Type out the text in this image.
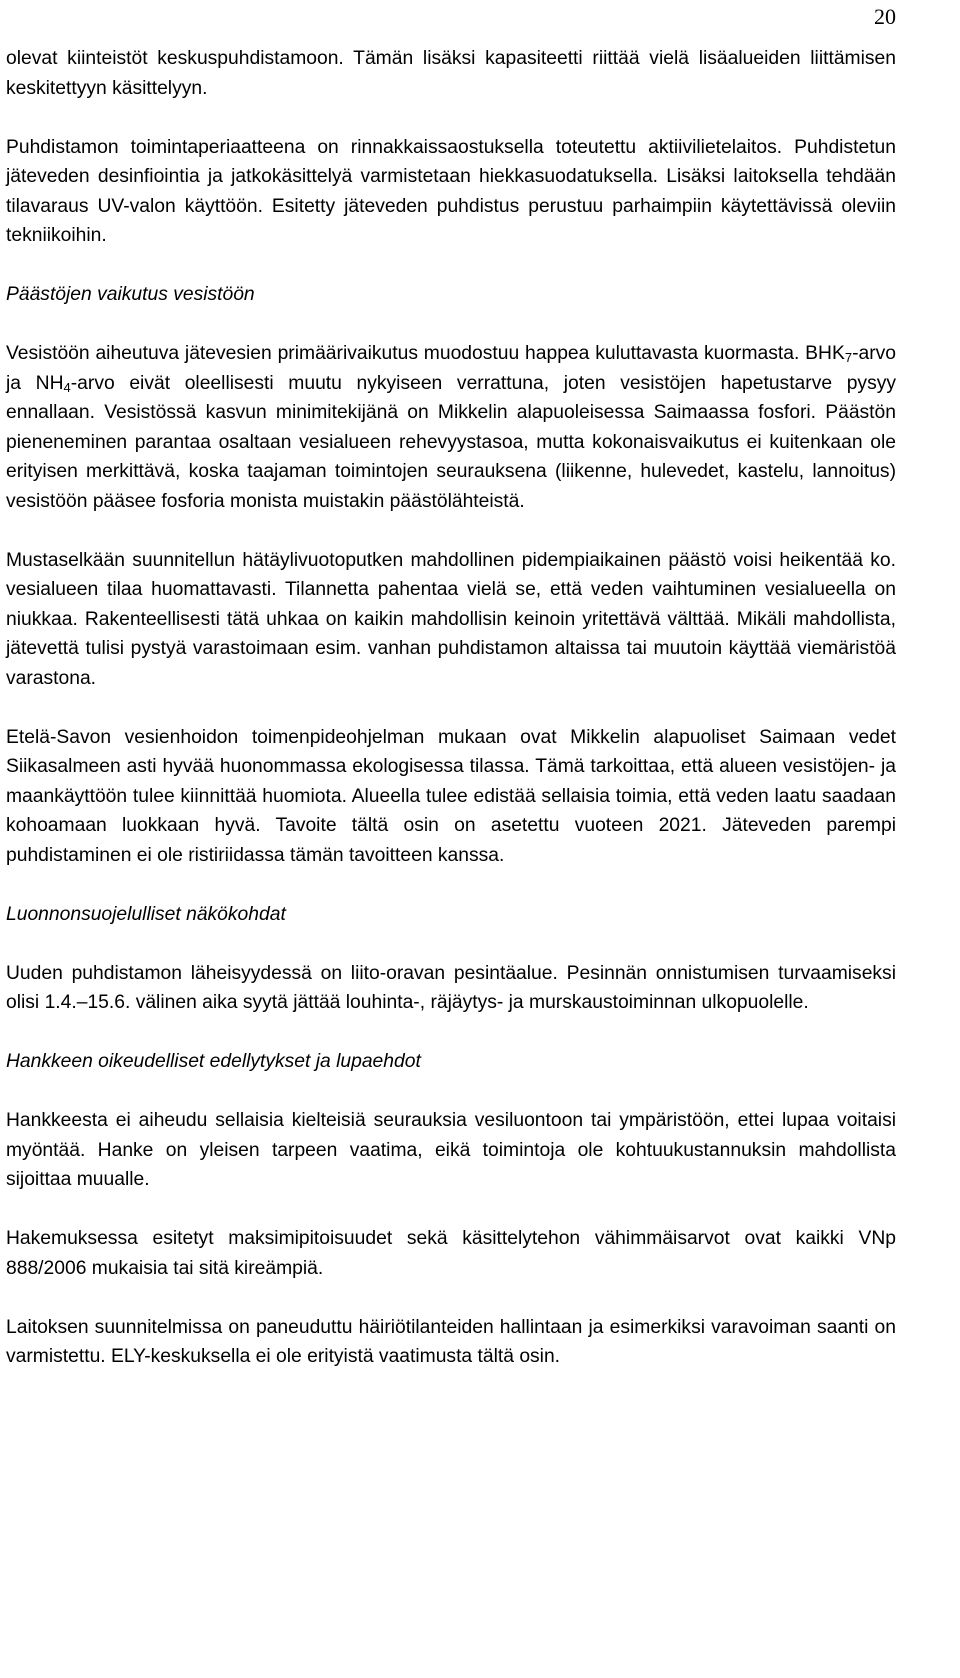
20

olevat kiinteistöt keskuspuhdistamoon. Tämän lisäksi kapasiteetti riittää vielä lisäalueiden liittämisen keskitettyyn käsittelyyn.

Puhdistamon toimintaperiaatteena on rinnakkaissaostuksella toteutettu aktiivilietelaitos. Puhdistetun jäteveden desinfiointia ja jatkokäsittelyä varmistetaan hiekkasuodatuksella. Lisäksi laitoksella tehdään tilavaraus UV-valon käyttöön. Esitetty jäteveden puhdistus perustuu parhaimpiin käytettävissä oleviin tekniikoihin.

Päästöjen vaikutus vesistöön

Vesistöön aiheutuva jätevesien primäärivaikutus muodostuu happea kuluttavasta kuormasta. $BHK_7$-arvo ja $NH_4$-arvo eivät oleellisesti muutu nykyiseen verrattuna, joten vesistöjen hapetustarve pysyy ennallaan. Vesistössä kasvun minimitekijänä on Mikkelin alapuoleisessa Saimaassa fosfori. Päästön pieneneminen parantaa osaltaan vesialueen rehevyystasoa, mutta kokonaisvaikutus ei kuitenkaan ole erityisen merkittävä, koska taajaman toimintojen seurauksena (liikenne, hulevedet, kastelu, lannoitus) vesistöön pääsee fosforia monista muistakin päästölähteistä.

Mustaselkään suunnitellun hätäylivuotoputken mahdollinen pidempiaikainen päästö voisi heikentää ko. vesialueen tilaa huomattavasti. Tilannetta pahentaa vielä se, että veden vaihtuminen vesialueella on niukkaa. Rakenteellisesti tätä uhkaa on kaikin mahdollisin keinoin yritettävä välttää. Mikäli mahdollista, jätevettä tulisi pystyä varastoimaan esim. vanhan puhdistamon altaissa tai muutoin käyttää viemäristöä varastona.

Etelä-Savon vesienhoidon toimenpideohjelman mukaan ovat Mikkelin alapuoliset Saimaan vedet Siikasalmeen asti hyvää huonommassa ekologisessa tilassa. Tämä tarkoittaa, että alueen vesistöjen- ja maankäyttöön tulee kiinnittää huomiota. Alueella tulee edistää sellaisia toimia, että veden laatu saadaan kohoamaan luokkaan hyvä. Tavoite tältä osin on asetettu vuoteen 2021. Jäteveden parempi puhdistaminen ei ole ristiriidassa tämän tavoitteen kanssa.

Luonnonsuojelulliset näkökohdat

Uuden puhdistamon läheisyydessä on liito-oravan pesintäalue. Pesinnän onnistumisen turvaamiseksi olisi 1.4.–15.6. välinen aika syytä jättää louhinta-, räjäytys- ja murskaustoiminnan ulkopuolelle.

Hankkeen oikeudelliset edellytykset ja lupaehdot

Hankkeesta ei aiheudu sellaisia kielteisiä seurauksia vesiluontoon tai ympäristöön, ettei lupaa voitaisi myöntää. Hanke on yleisen tarpeen vaatima, eikä toimintoja ole kohtuukustannuksin mahdollista sijoittaa muualle.

Hakemuksessa esitetyt maksimipitoisuudet sekä käsittelytehon vähimmäisarvot ovat kaikki VNp 888/2006 mukaisia tai sitä kireämpiä.

Laitoksen suunnitelmissa on paneuduttu häiriötilanteiden hallintaan ja esimerkiksi varavoiman saanti on varmistettu. ELY-keskuksella ei ole erityistä vaatimusta tältä osin.
